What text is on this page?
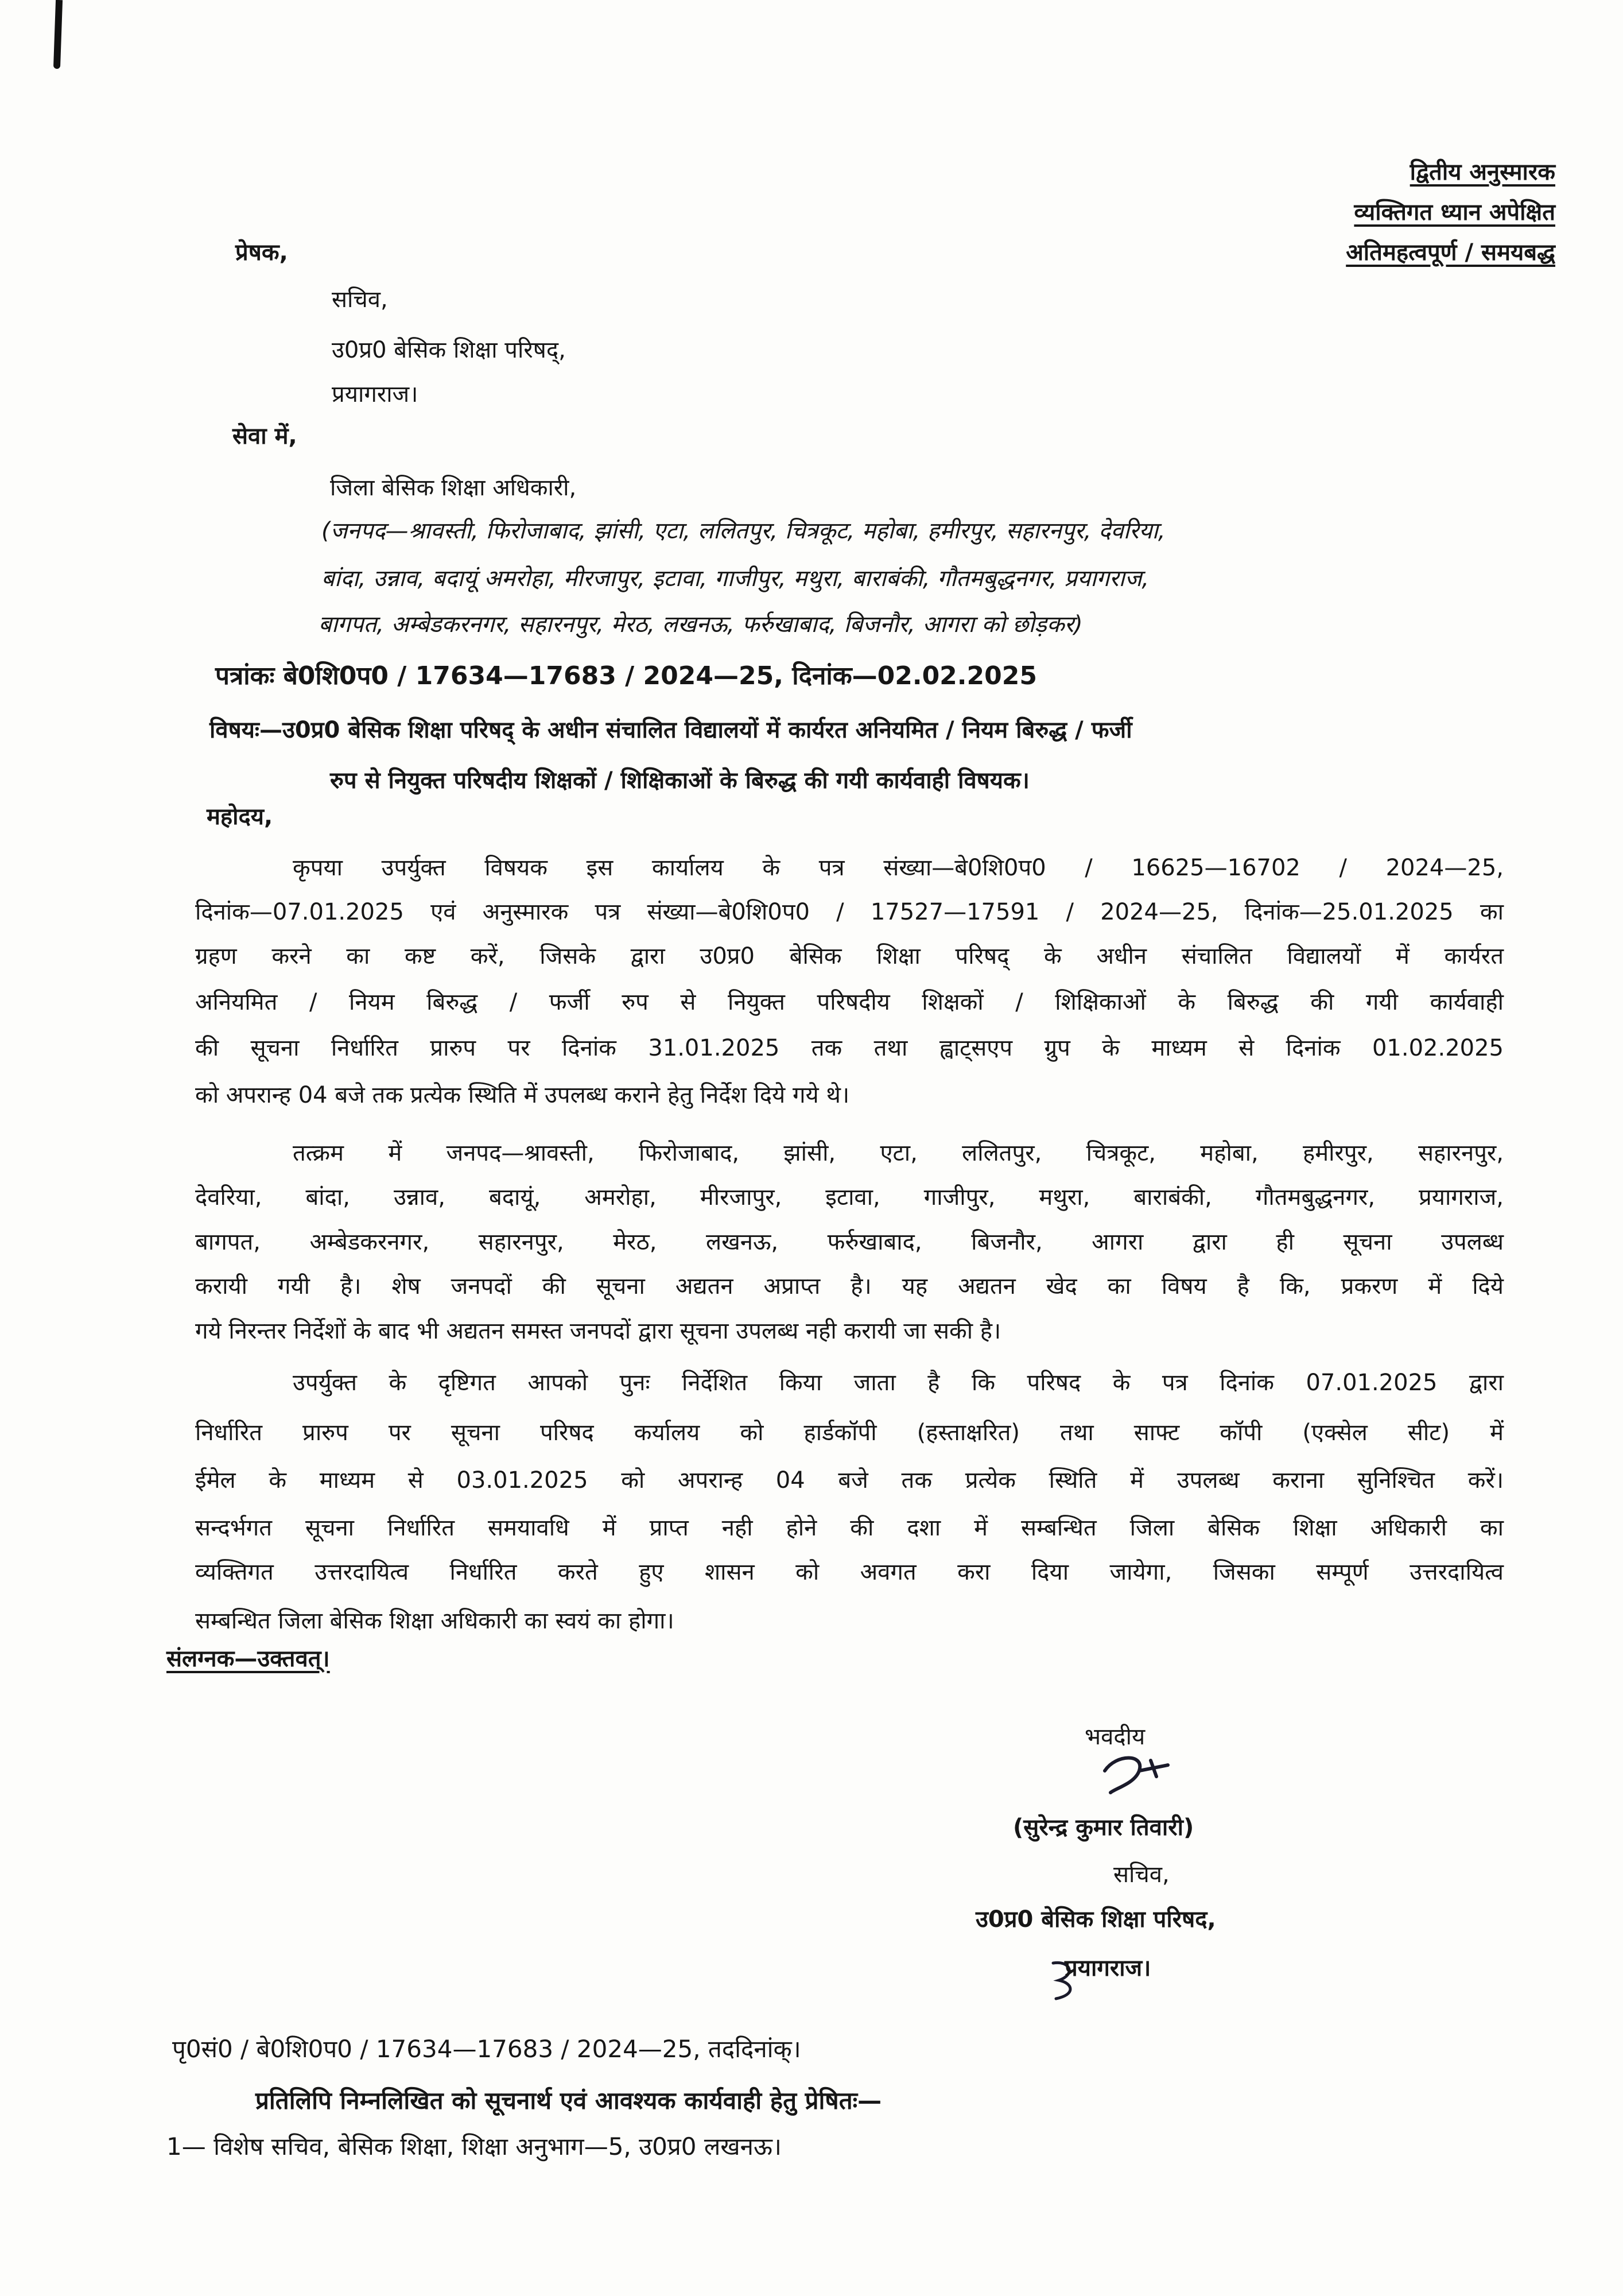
द्वितीय अनुस्मारक
व्यक्तिगत ध्यान अपेक्षित
अतिमहत्वपूर्ण / समयबद्ध
प्रेषक,
सचिव,
उ0प्र0 बेसिक शिक्षा परिषद्,
प्रयागराज।
सेवा में,
जिला बेसिक शिक्षा अधिकारी,
(जनपद—श्रावस्ती, फिरोजाबाद, झांसी, एटा, ललितपुर, चित्रकूट, महोबा, हमीरपुर, सहारनपुर, देवरिया,
बांदा, उन्नाव, बदायूं अमरोहा, मीरजापुर, इटावा, गाजीपुर, मथुरा, बाराबंकी, गौतमबुद्धनगर, प्रयागराज,
बागपत, अम्बेडकरनगर, सहारनपुर, मेरठ, लखनऊ, फर्रुखाबाद, बिजनौर, आगरा को छोड़कर)
पत्रांकः बे0शि0प0 / 17634—17683 / 2024—25, दिनांक—02.02.2025
विषयः—उ0प्र0 बेसिक शिक्षा परिषद् के अधीन संचालित विद्यालयों में कार्यरत अनियमित / नियम बिरुद्ध / फर्जी
रुप से नियुक्त परिषदीय शिक्षकों / शिक्षिकाओं के बिरुद्ध की गयी कार्यवाही विषयक।
महोदय,
कृपया उपर्युक्त विषयक इस कार्यालय के पत्र संख्या—बे0शि0प0 / 16625—16702 / 2024—25,
दिनांक—07.01.2025 एवं अनुस्मारक पत्र संख्या—बे0शि0प0 / 17527—17591 / 2024—25, दिनांक—25.01.2025 का
ग्रहण करने का कष्ट करें, जिसके द्वारा उ0प्र0 बेसिक शिक्षा परिषद् के अधीन संचालित विद्यालयों में कार्यरत
अनियमित / नियम बिरुद्ध / फर्जी रुप से नियुक्त परिषदीय शिक्षकों / शिक्षिकाओं के बिरुद्ध की गयी कार्यवाही
की सूचना निर्धारित प्रारुप पर दिनांक 31.01.2025 तक तथा ह्वाट्सएप ग्रुप के माध्यम से दिनांक 01.02.2025
को अपरान्ह 04 बजे तक प्रत्येक स्थिति में उपलब्ध कराने हेतु निर्देश दिये गये थे।
तत्क्रम में जनपद—श्रावस्ती, फिरोजाबाद, झांसी, एटा, ललितपुर, चित्रकूट, महोबा, हमीरपुर, सहारनपुर,
देवरिया, बांदा, उन्नाव, बदायूं, अमरोहा, मीरजापुर, इटावा, गाजीपुर, मथुरा, बाराबंकी, गौतमबुद्धनगर, प्रयागराज,
बागपत, अम्बेडकरनगर, सहारनपुर, मेरठ, लखनऊ, फर्रुखाबाद, बिजनौर, आगरा द्वारा ही सूचना उपलब्ध
करायी गयी है। शेष जनपदों की सूचना अद्यतन अप्राप्त है। यह अद्यतन खेद का विषय है कि, प्रकरण में दिये
गये निरन्तर निर्देशों के बाद भी अद्यतन समस्त जनपदों द्वारा सूचना उपलब्ध नही करायी जा सकी है।
उपर्युक्त के दृष्टिगत आपको पुनः निर्देशित किया जाता है कि परिषद के पत्र दिनांक 07.01.2025 द्वारा
निर्धारित प्रारुप पर सूचना परिषद कर्यालय को हार्डकॉपी (हस्ताक्षरित) तथा साफ्ट कॉपी (एक्सेल सीट) में
ईमेल के माध्यम से 03.01.2025 को अपरान्ह 04 बजे तक प्रत्येक स्थिति में उपलब्ध कराना सुनिश्चित करें।
सन्दर्भगत सूचना निर्धारित समयावधि में प्राप्त नही होने की दशा में सम्बन्धित जिला बेसिक शिक्षा अधिकारी का
व्यक्तिगत उत्तरदायित्व निर्धारित करते हुए शासन को अवगत करा दिया जायेगा, जिसका सम्पूर्ण उत्तरदायित्व
सम्बन्धित जिला बेसिक शिक्षा अधिकारी का स्वयं का होगा।
संलग्नक—उक्तवत्।
भवदीय
(सुरेन्द्र कुमार तिवारी)
सचिव,
उ0प्र0 बेसिक शिक्षा परिषद,
प्रयागराज।
पृ0सं0 / बे0शि0प0 / 17634—17683 / 2024—25, तददिनांक्।
प्रतिलिपि निम्नलिखित को सूचनार्थ एवं आवश्यक कार्यवाही हेतु प्रेषितः—
1— विशेष सचिव, बेसिक शिक्षा, शिक्षा अनुभाग—5, उ0प्र0 लखनऊ।
